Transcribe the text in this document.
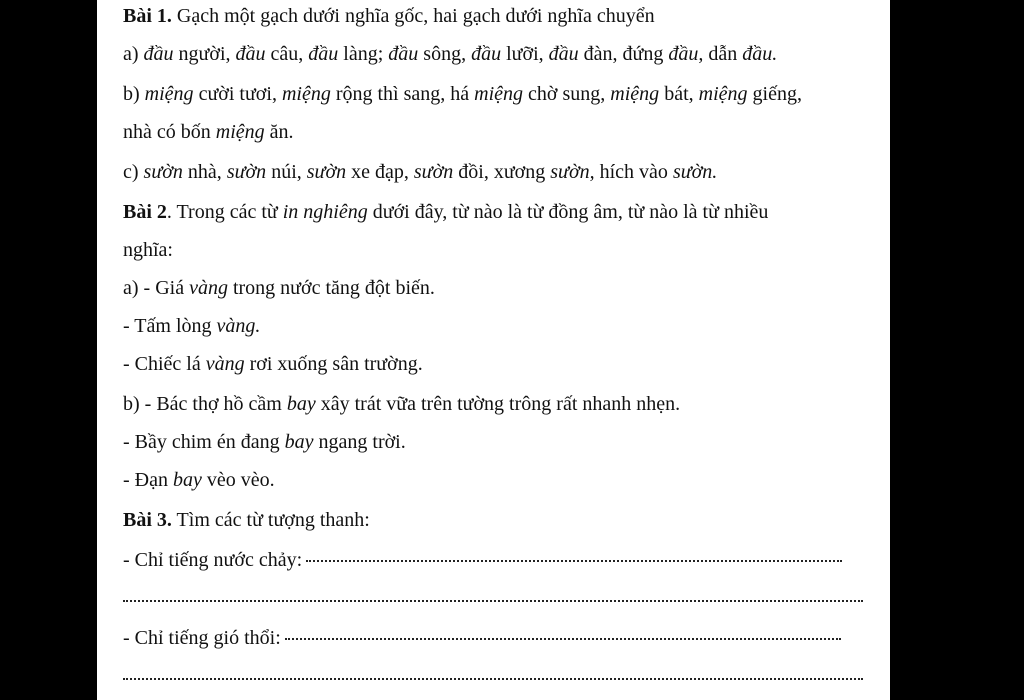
Bài 1. Gạch một gạch dưới nghĩa gốc, hai gạch dưới nghĩa chuyển
a) đầu người, đầu câu, đầu làng; đầu sông, đầu lưỡi, đầu đàn, đứng đầu, dẫn đầu.
b) miệng cười tươi, miệng rộng thì sang, há miệng chờ sung, miệng bát, miệng giếng,
nhà có bốn miệng ăn.
c) sườn nhà, sườn núi, sườn xe đạp, sườn đồi, xương sườn, hích vào sườn.
Bài 2. Trong các từ in nghiêng dưới đây, từ nào là từ đồng âm, từ nào là từ nhiều
nghĩa:
a) - Giá vàng trong nước tăng đột biến.
- Tấm lòng vàng.
- Chiếc lá vàng rơi xuống sân trường.
b) - Bác thợ hồ cầm bay xây trát vữa trên tường trông rất nhanh nhẹn.
- Bầy chim én đang bay ngang trời.
- Đạn bay vèo vèo.
Bài 3. Tìm các từ tượng thanh:
- Chỉ tiếng nước chảy:
- Chỉ tiếng gió thổi:
